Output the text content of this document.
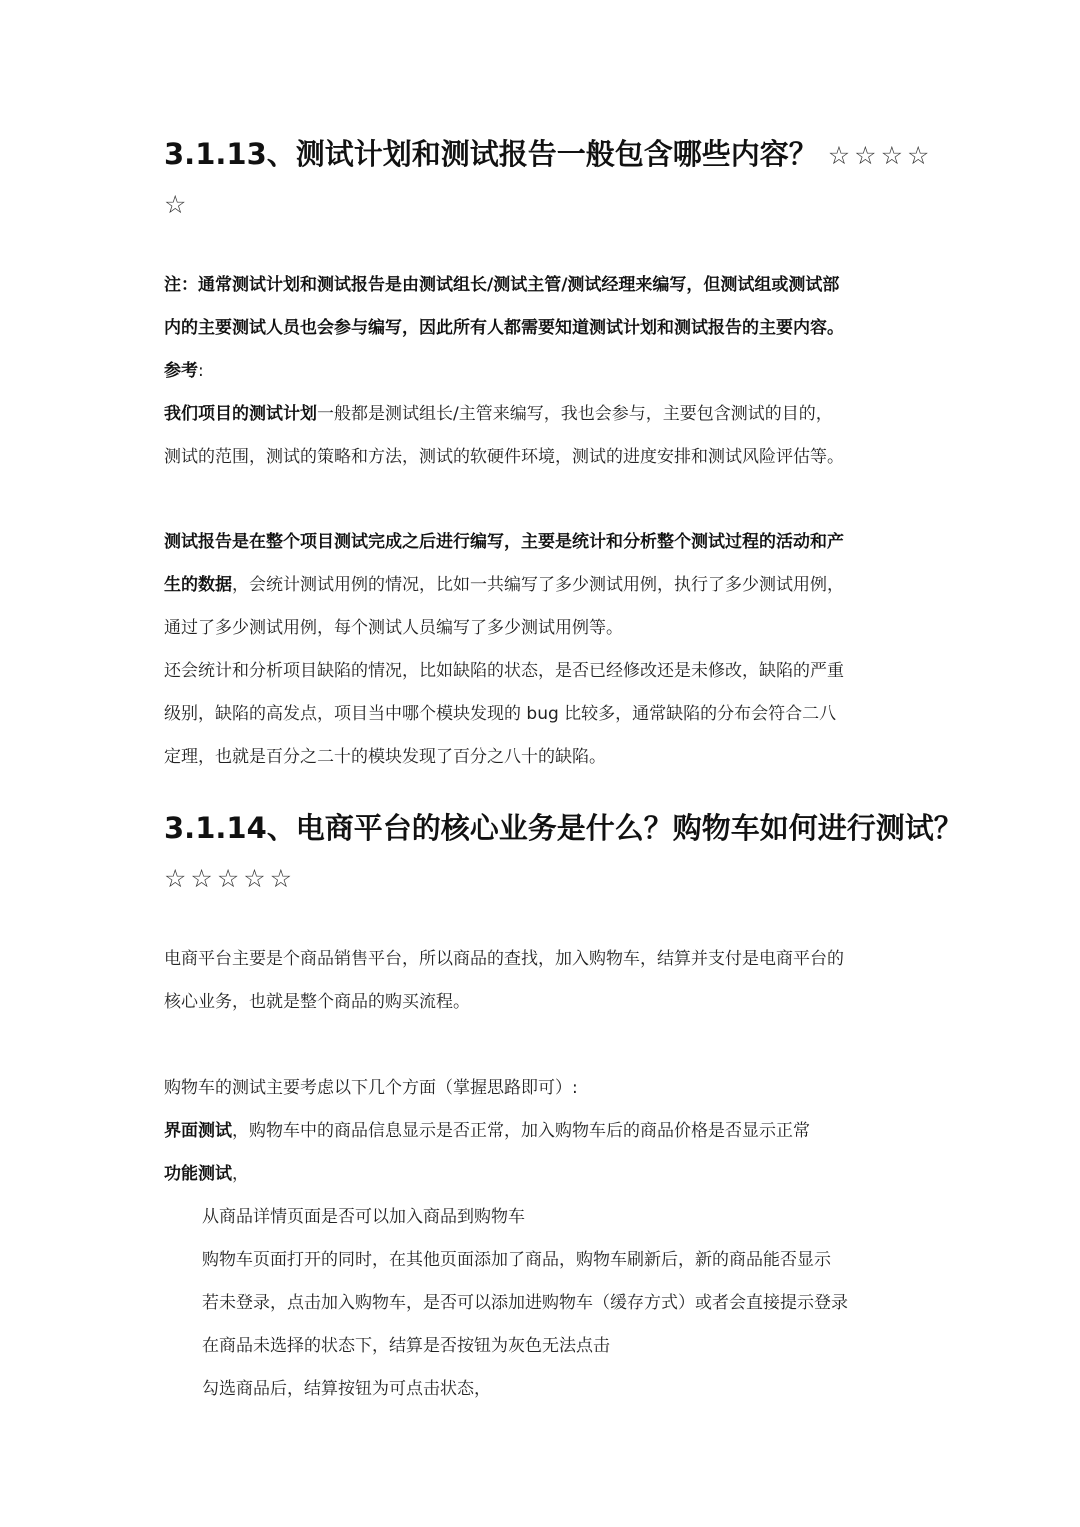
3.1.13、测试计划和测试报告一般包含哪些内容？ ☆☆☆☆
☆
注：通常测试计划和测试报告是由测试组长/测试主管/测试经理来编写，但测试组或测试部
内的主要测试人员也会参与编写，因此所有人都需要知道测试计划和测试报告的主要内容。
参考:
我们项目的测试计划一般都是测试组长/主管来编写，我也会参与，主要包含测试的目的，
测试的范围，测试的策略和方法，测试的软硬件环境，测试的进度安排和测试风险评估等。
测试报告是在整个项目测试完成之后进行编写，主要是统计和分析整个测试过程的活动和产
生的数据，会统计测试用例的情况，比如一共编写了多少测试用例，执行了多少测试用例，
通过了多少测试用例，每个测试人员编写了多少测试用例等。
还会统计和分析项目缺陷的情况，比如缺陷的状态，是否已经修改还是未修改，缺陷的严重
级别，缺陷的高发点，项目当中哪个模块发现的 bug 比较多，通常缺陷的分布会符合二八
定理，也就是百分之二十的模块发现了百分之八十的缺陷。
3.1.14、电商平台的核心业务是什么？购物车如何进行测试？
☆☆☆☆☆
电商平台主要是个商品销售平台，所以商品的查找，加入购物车，结算并支付是电商平台的
核心业务，也就是整个商品的购买流程。
购物车的测试主要考虑以下几个方面（掌握思路即可）:
界面测试，购物车中的商品信息显示是否正常，加入购物车后的商品价格是否显示正常
功能测试，
从商品详情页面是否可以加入商品到购物车
购物车页面打开的同时，在其他页面添加了商品，购物车刷新后，新的商品能否显示
若未登录，点击加入购物车，是否可以添加进购物车（缓存方式）或者会直接提示登录
在商品未选择的状态下，结算是否按钮为灰色无法点击
勾选商品后，结算按钮为可点击状态，
